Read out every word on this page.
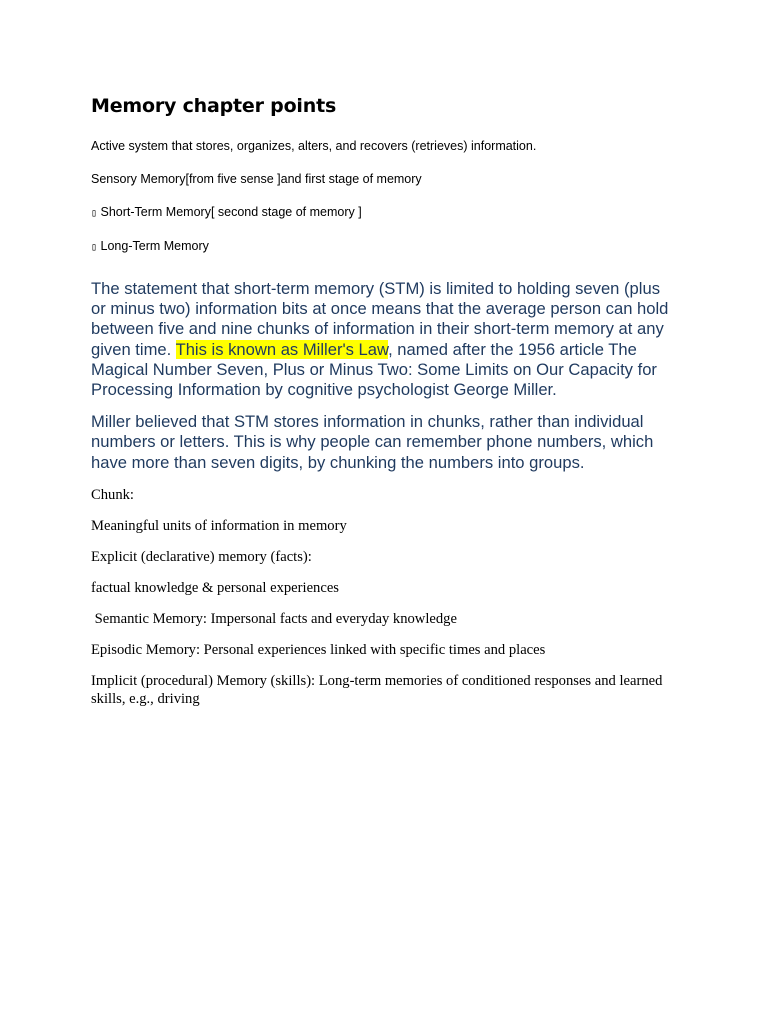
Memory chapter points

Active system that stores, organizes, alters, and recovers (retrieves) information.

Sensory Memory[from five sense ]and first stage of memory

▯ Short-Term Memory[ second stage of memory ]

▯ Long-Term Memory

The statement that short-term memory (STM) is limited to holding seven (plus or minus two) information bits at once means that the average person can hold between five and nine chunks of information in their short-term memory at any given time. This is known as Miller's Law, named after the 1956 article The Magical Number Seven, Plus or Minus Two: Some Limits on Our Capacity for Processing Information by cognitive psychologist George Miller.

Miller believed that STM stores information in chunks, rather than individual numbers or letters. This is why people can remember phone numbers, which have more than seven digits, by chunking the numbers into groups.

Chunk:

Meaningful units of information in memory

Explicit (declarative) memory (facts):

factual knowledge & personal experiences

Semantic Memory: Impersonal facts and everyday knowledge

Episodic Memory: Personal experiences linked with specific times and places

Implicit (procedural) Memory (skills): Long-term memories of conditioned responses and learned skills, e.g., driving
